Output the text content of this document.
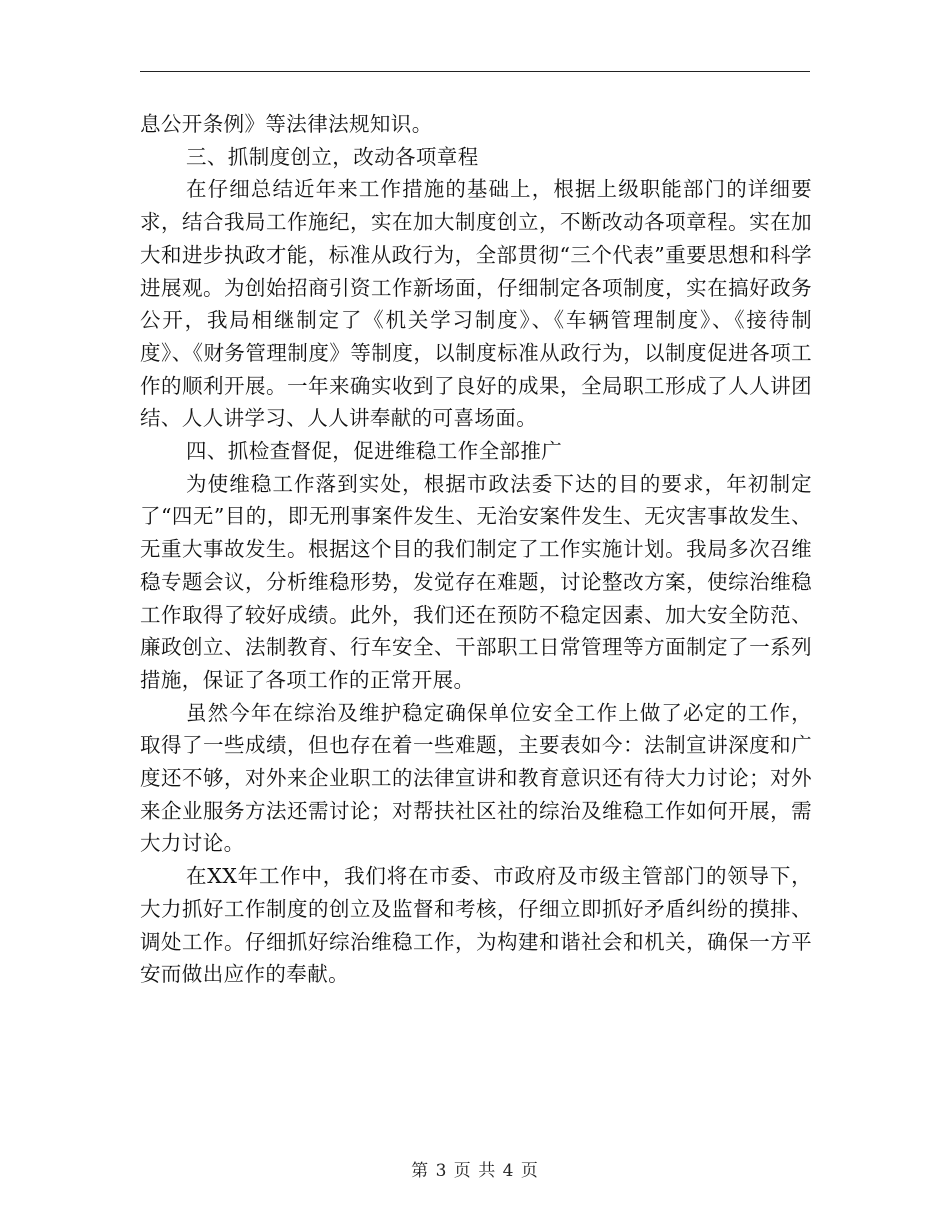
息公开条例》等法律法规知识。

三、抓制度创立，改动各项章程

在仔细总结近年来工作措施的基础上，根据上级职能部门的详细要求，结合我局工作施纪，实在加大制度创立，不断改动各项章程。实在加大和进步执政才能，标准从政行为，全部贯彻“三个代表”重要思想和科学进展观。为创始招商引资工作新场面，仔细制定各项制度，实在搞好政务公开，我局相继制定了《机关学习制度》、《车辆管理制度》、《接待制度》、《财务管理制度》等制度，以制度标准从政行为，以制度促进各项工作的顺利开展。一年来确实收到了良好的成果，全局职工形成了人人讲团结、人人讲学习、人人讲奉献的可喜场面。

四、抓检查督促，促进维稳工作全部推广

为使维稳工作落到实处，根据市政法委下达的目的要求，年初制定了“四无”目的，即无刑事案件发生、无治安案件发生、无灾害事故发生、无重大事故发生。根据这个目的我们制定了工作实施计划。我局多次召维稳专题会议，分析维稳形势，发觉存在难题，讨论整改方案，使综治维稳工作取得了较好成绩。此外，我们还在预防不稳定因素、加大安全防范、廉政创立、法制教育、行车安全、干部职工日常管理等方面制定了一系列措施，保证了各项工作的正常开展。

虽然今年在综治及维护稳定确保单位安全工作上做了必定的工作，取得了一些成绩，但也存在着一些难题，主要表如今：法制宣讲深度和广度还不够，对外来企业职工的法律宣讲和教育意识还有待大力讨论；对外来企业服务方法还需讨论；对帮扶社区社的综治及维稳工作如何开展，需大力讨论。

在XX年工作中，我们将在市委、市政府及市级主管部门的领导下，大力抓好工作制度的创立及监督和考核，仔细立即抓好矛盾纠纷的摸排、调处工作。仔细抓好综治维稳工作，为构建和谐社会和机关，确保一方平安而做出应作的奉献。

第 3 页 共 4 页
